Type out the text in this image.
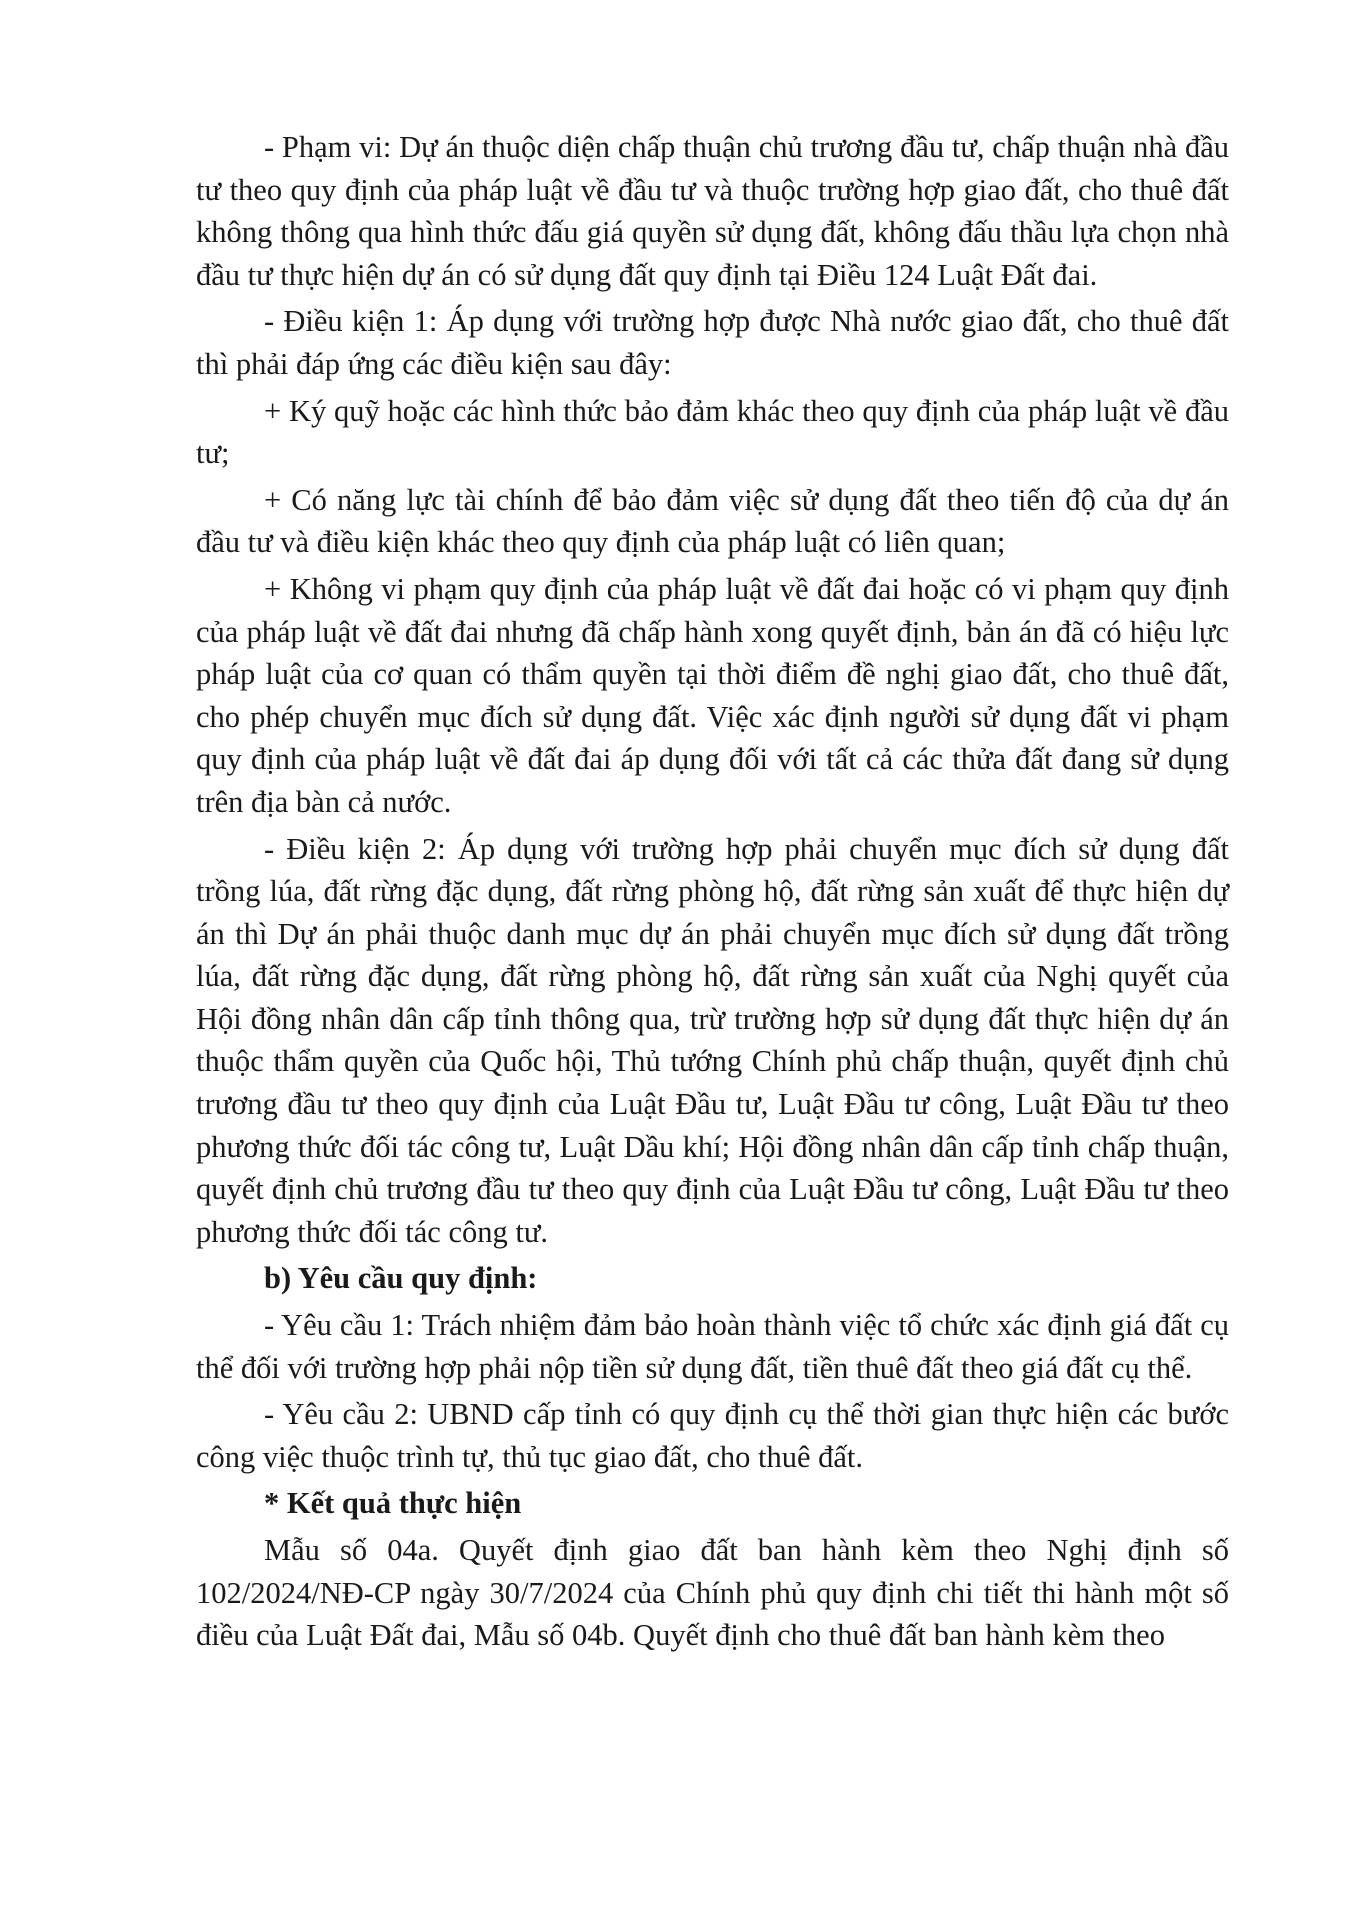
- Phạm vi: Dự án thuộc diện chấp thuận chủ trương đầu tư, chấp thuận nhà đầu tư theo quy định của pháp luật về đầu tư và thuộc trường hợp giao đất, cho thuê đất không thông qua hình thức đấu giá quyền sử dụng đất, không đấu thầu lựa chọn nhà đầu tư thực hiện dự án có sử dụng đất quy định tại Điều 124 Luật Đất đai.

- Điều kiện 1: Áp dụng với trường hợp được Nhà nước giao đất, cho thuê đất thì phải đáp ứng các điều kiện sau đây:

+ Ký quỹ hoặc các hình thức bảo đảm khác theo quy định của pháp luật về đầu tư;

+ Có năng lực tài chính để bảo đảm việc sử dụng đất theo tiến độ của dự án đầu tư và điều kiện khác theo quy định của pháp luật có liên quan;

+ Không vi phạm quy định của pháp luật về đất đai hoặc có vi phạm quy định của pháp luật về đất đai nhưng đã chấp hành xong quyết định, bản án đã có hiệu lực pháp luật của cơ quan có thẩm quyền tại thời điểm đề nghị giao đất, cho thuê đất, cho phép chuyển mục đích sử dụng đất. Việc xác định người sử dụng đất vi phạm quy định của pháp luật về đất đai áp dụng đối với tất cả các thửa đất đang sử dụng trên địa bàn cả nước.

- Điều kiện 2: Áp dụng với trường hợp phải chuyển mục đích sử dụng đất trồng lúa, đất rừng đặc dụng, đất rừng phòng hộ, đất rừng sản xuất để thực hiện dự án thì Dự án phải thuộc danh mục dự án phải chuyển mục đích sử dụng đất trồng lúa, đất rừng đặc dụng, đất rừng phòng hộ, đất rừng sản xuất của Nghị quyết của Hội đồng nhân dân cấp tỉnh thông qua, trừ trường hợp sử dụng đất thực hiện dự án thuộc thẩm quyền của Quốc hội, Thủ tướng Chính phủ chấp thuận, quyết định chủ trương đầu tư theo quy định của Luật Đầu tư, Luật Đầu tư công, Luật Đầu tư theo phương thức đối tác công tư, Luật Dầu khí; Hội đồng nhân dân cấp tỉnh chấp thuận, quyết định chủ trương đầu tư theo quy định của Luật Đầu tư công, Luật Đầu tư theo phương thức đối tác công tư.

b) Yêu cầu quy định:

- Yêu cầu 1: Trách nhiệm đảm bảo hoàn thành việc tổ chức xác định giá đất cụ thể đối với trường hợp phải nộp tiền sử dụng đất, tiền thuê đất theo giá đất cụ thể.

- Yêu cầu 2: UBND cấp tỉnh có quy định cụ thể thời gian thực hiện các bước công việc thuộc trình tự, thủ tục giao đất, cho thuê đất.

* Kết quả thực hiện

Mẫu số 04a. Quyết định giao đất ban hành kèm theo Nghị định số 102/2024/NĐ-CP ngày 30/7/2024 của Chính phủ quy định chi tiết thi hành một số điều của Luật Đất đai, Mẫu số 04b. Quyết định cho thuê đất ban hành kèm theo
